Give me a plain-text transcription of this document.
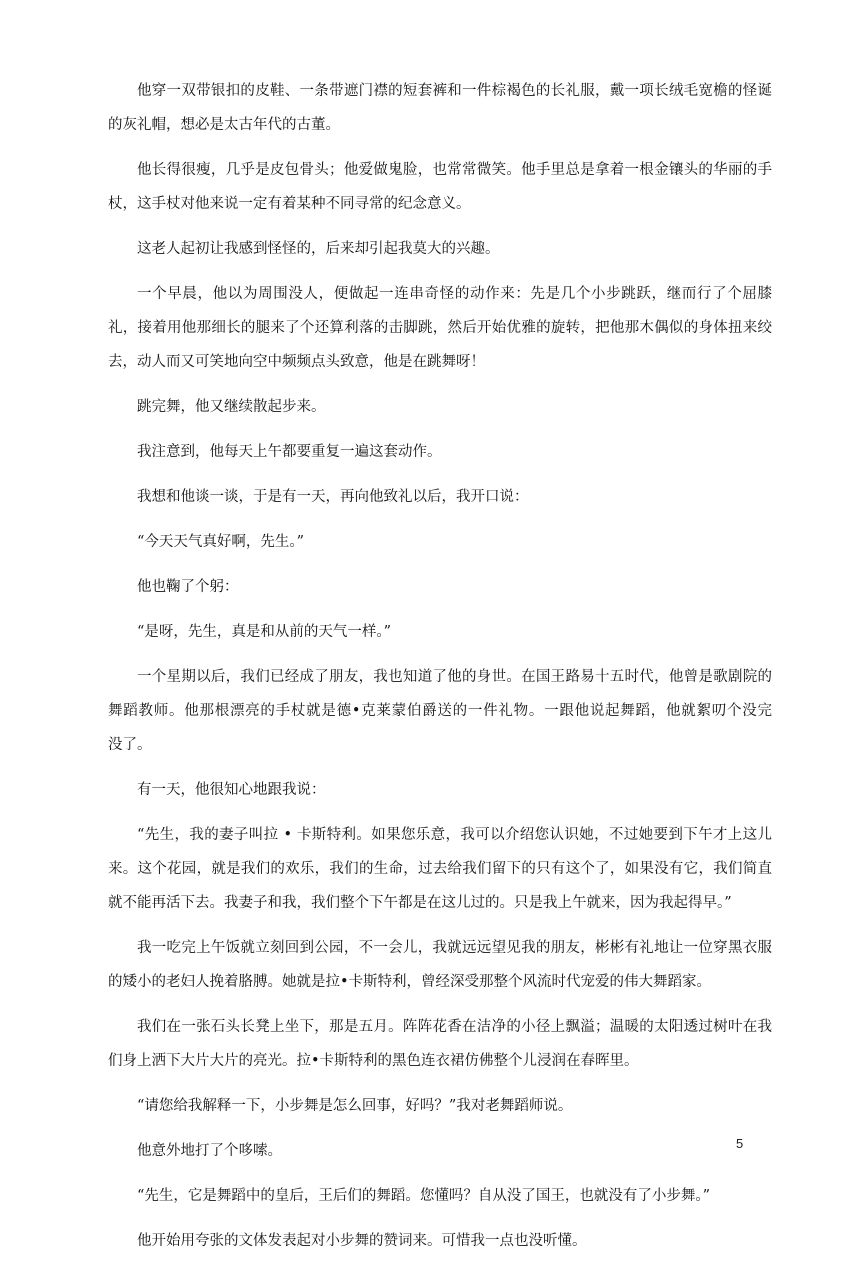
他穿一双带银扣的皮鞋、一条带遮门襟的短套裤和一件棕褐色的长礼服，戴一项长绒毛宽檐的怪诞的灰礼帽，想必是太古年代的古董。

他长得很瘦，几乎是皮包骨头；他爱做鬼脸，也常常微笑。他手里总是拿着一根金镶头的华丽的手杖，这手杖对他来说一定有着某种不同寻常的纪念意义。

这老人起初让我感到怪怪的，后来却引起我莫大的兴趣。

一个早晨，他以为周围没人，便做起一连串奇怪的动作来：先是几个小步跳跃，继而行了个屈膝礼，接着用他那细长的腿来了个还算利落的击脚跳，然后开始优雅的旋转，把他那木偶似的身体扭来绞去，动人而又可笑地向空中频频点头致意，他是在跳舞呀！

跳完舞，他又继续散起步来。

我注意到，他每天上午都要重复一遍这套动作。

我想和他谈一谈，于是有一天，再向他致礼以后，我开口说：

“今天天气真好啊，先生。”

他也鞠了个躬：

“是呀，先生，真是和从前的天气一样。”

一个星期以后，我们已经成了朋友，我也知道了他的身世。在国王路易十五时代，他曾是歌剧院的舞蹈教师。他那根漂亮的手杖就是德•克莱蒙伯爵送的一件礼物。一跟他说起舞蹈，他就絮叨个没完　 没了。

有一天，他很知心地跟我说：

“先生，我的妻子叫拉 • 卡斯特利。如果您乐意，我可以介绍您认识她，不过她要到下午才上这儿来。这个花园，就是我们的欢乐，我们的生命，过去给我们留下的只有这个了，如果没有它，我们简直就不能再活下去。我妻子和我，我们整个下午都是在这儿过的。只是我上午就来，因为我起得早。”

我一吃完上午饭就立刻回到公园，不一会儿，我就远远望见我的朋友，彬彬有礼地让一位穿黑衣服的矮小的老妇人挽着胳膊。她就是拉•卡斯特利，曾经深受那整个风流时代宠爱的伟大舞蹈家。

我们在一张石头长凳上坐下，那是五月。阵阵花香在洁净的小径上飘溢；温暖的太阳透过树叶在我们身上洒下大片大片的亮光。拉•卡斯特利的黑色连衣裙仿佛整个儿浸润在春晖里。

“请您给我解释一下，小步舞是怎么回事，好吗？”我对老舞蹈师说。

他意外地打了个哆嗦。

“先生，它是舞蹈中的皇后，王后们的舞蹈。您懂吗？自从没了国王，也就没有了小步舞。”

他开始用夸张的文体发表起对小步舞的赞词来。可惜我一点也没听懂。

5
